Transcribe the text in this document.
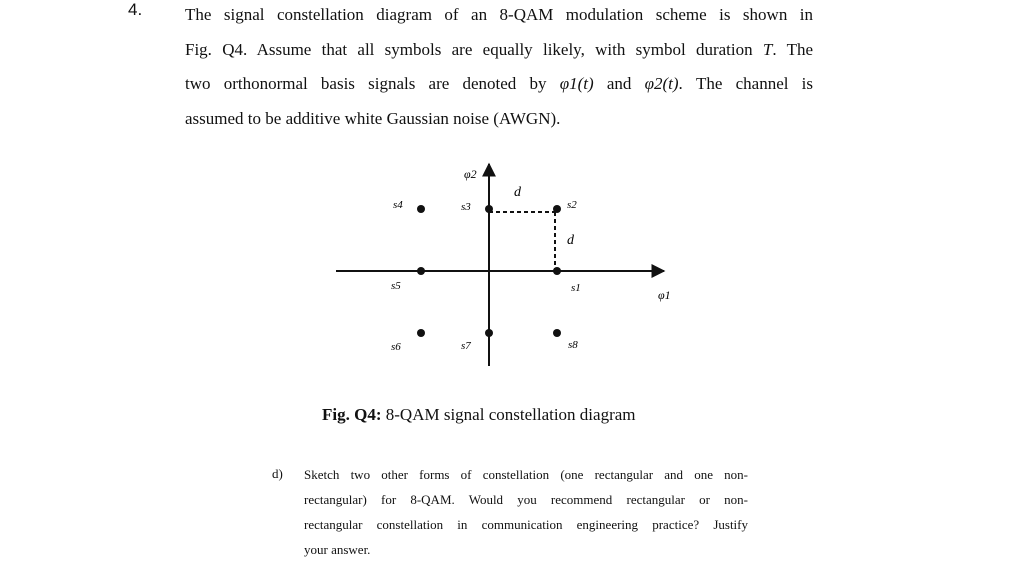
4.	The signal constellation diagram of an 8-QAM modulation scheme is shown in
Fig. Q4. Assume that all symbols are equally likely, with symbol duration T. The
two orthonormal basis signals are denoted by φ1(t) and φ2(t). The channel is
assumed to be additive white Gaussian noise (AWGN).
φ2
φ1
d
d
s1
s2
s3
s4
s5
s6	s7	s8
Fig. Q4: 8-QAM signal constellation diagram
d) Sketch two other forms of constellation (one rectangular and one non-
rectangular) for 8-QAM. Would you recommend rectangular or non-
rectangular constellation in communication engineering practice? Justify
your answer.
